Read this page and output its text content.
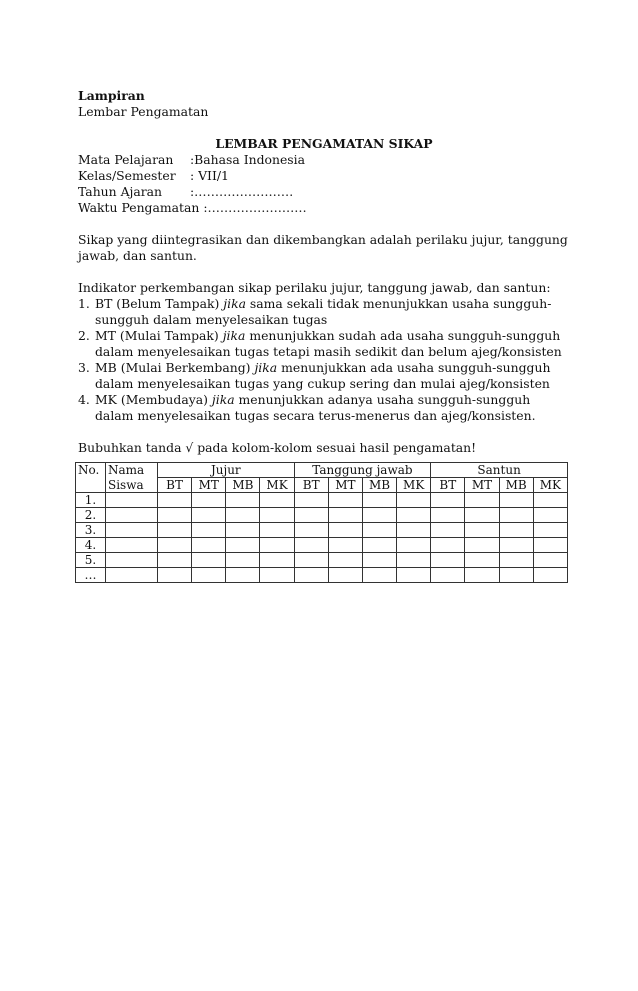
Lampiran
Lembar Pengamatan
LEMBAR PENGAMATAN SIKAP
Mata Pelajaran	:Bahasa Indonesia
Kelas/Semester	: VII/1
Tahun Ajaran	:……………………
Waktu Pengamatan :……………………
Sikap yang diintegrasikan dan dikembangkan adalah perilaku jujur, tanggung jawab, dan santun.
Indikator perkembangan sikap perilaku jujur, tanggung jawab, dan santun:
1. BT (Belum Tampak) jika sama sekali tidak menunjukkan usaha sungguh-sungguh dalam menyelesaikan tugas
2. MT (Mulai Tampak) jika menunjukkan sudah ada usaha sungguh-sungguh dalam menyelesaikan tugas tetapi masih sedikit dan belum ajeg/konsisten
3. MB (Mulai Berkembang) jika menunjukkan ada usaha sungguh-sungguh dalam menyelesaikan tugas yang cukup sering dan mulai ajeg/konsisten
4. MK (Membudaya) jika menunjukkan adanya usaha sungguh-sungguh dalam menyelesaikan tugas secara terus-menerus dan ajeg/konsisten.
Bubuhkan tanda √ pada kolom-kolom sesuai hasil pengamatan!
No.	Nama	Jujur				Tanggung jawab				Santun			
	Siswa	BT	MT	MB	MK	BT	MT	MB	MK	BT	MT	MB	MK
1.													
2.													
3.													
4.													
5.													
…													
